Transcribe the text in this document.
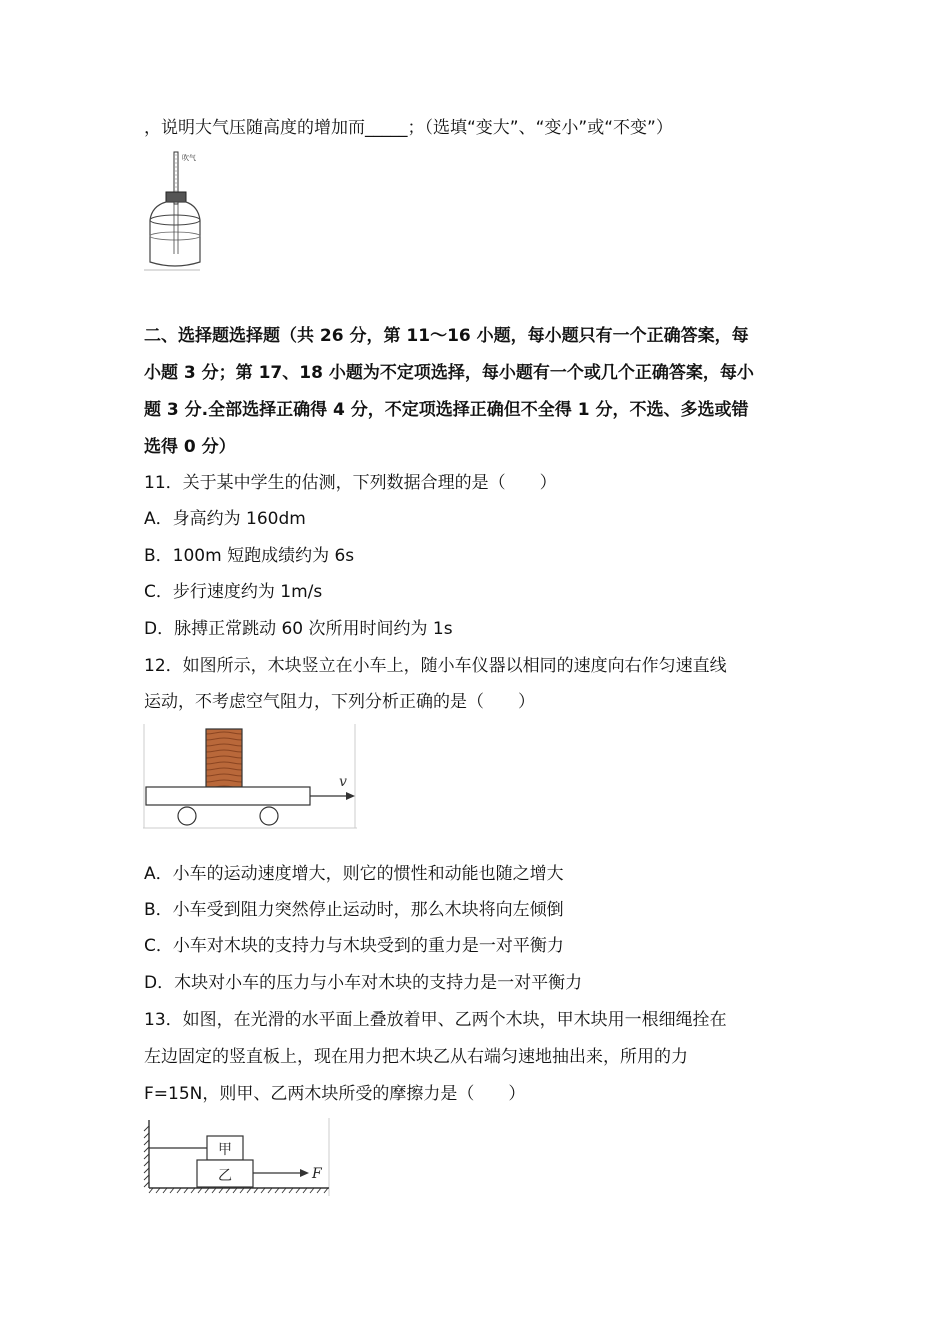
，说明大气压随高度的增加而_____；（选填“变大”、“变小”或“不变”）
吹气
二、选择题选择题（共 26 分，第 11～16 小题，每小题只有一个正确答案，每
小题 3 分；第 17、18 小题为不定项选择，每小题有一个或几个正确答案，每小
题 3 分.全部选择正确得 4 分，不定项选择正确但不全得 1 分，不选、多选或错
选得 0 分）
11．关于某中学生的估测，下列数据合理的是（　　）
A．身高约为 160dm
B．100m 短跑成绩约为 6s
C．步行速度约为 1m/s
D．脉搏正常跳动 60 次所用时间约为 1s
12．如图所示，木块竖立在小车上，随小车仪器以相同的速度向右作匀速直线
运动，不考虑空气阻力，下列分析正确的是（　　）
v
A．小车的运动速度增大，则它的惯性和动能也随之增大
B．小车受到阻力突然停止运动时，那么木块将向左倾倒
C．小车对木块的支持力与木块受到的重力是一对平衡力
D．木块对小车的压力与小车对木块的支持力是一对平衡力
13．如图，在光滑的水平面上叠放着甲、乙两个木块，甲木块用一根细绳拴在
左边固定的竖直板上，现在用力把木块乙从右端匀速地抽出来，所用的力
F=15N，则甲、乙两木块所受的摩擦力是（　　）
甲
乙	F
